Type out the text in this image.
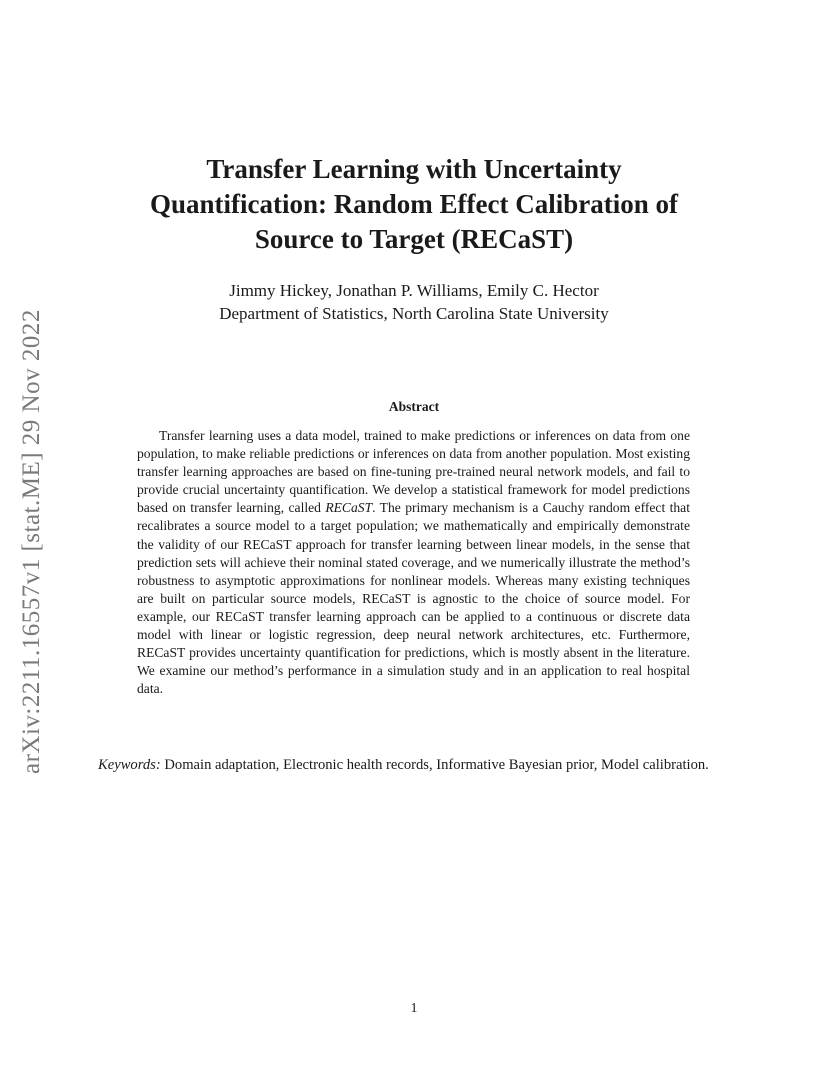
arXiv:2211.16557v1 [stat.ME] 29 Nov 2022
Transfer Learning with Uncertainty
Quantification: Random Effect Calibration of
Source to Target (RECaST)
Jimmy Hickey, Jonathan P. Williams, Emily C. Hector
Department of Statistics, North Carolina State University
Abstract

Transfer learning uses a data model, trained to make predictions or inferences on data from one population, to make reliable predictions or inferences on data from another population. Most existing transfer learning approaches are based on fine-tuning pre-trained neural network models, and fail to provide crucial uncertainty quantification. We develop a statistical framework for model predictions based on transfer learning, called RECaST. The primary mechanism is a Cauchy random effect that recalibrates a source model to a target population; we mathematically and empirically demonstrate the validity of our RECaST approach for transfer learning between linear models, in the sense that prediction sets will achieve their nominal stated coverage, and we numerically illustrate the method’s robustness to asymptotic approximations for nonlinear models. Whereas many existing techniques are built on particular source models, RECaST is agnostic to the choice of source model. For example, our RECaST transfer learning approach can be applied to a continuous or discrete data model with linear or logistic regression, deep neural network architectures, etc. Furthermore, RECaST provides uncertainty quantification for predictions, which is mostly absent in the literature. We examine our method’s performance in a simulation study and in an application to real hospital data.

Keywords: Domain adaptation, Electronic health records, Informative Bayesian prior, Model calibration.

1
